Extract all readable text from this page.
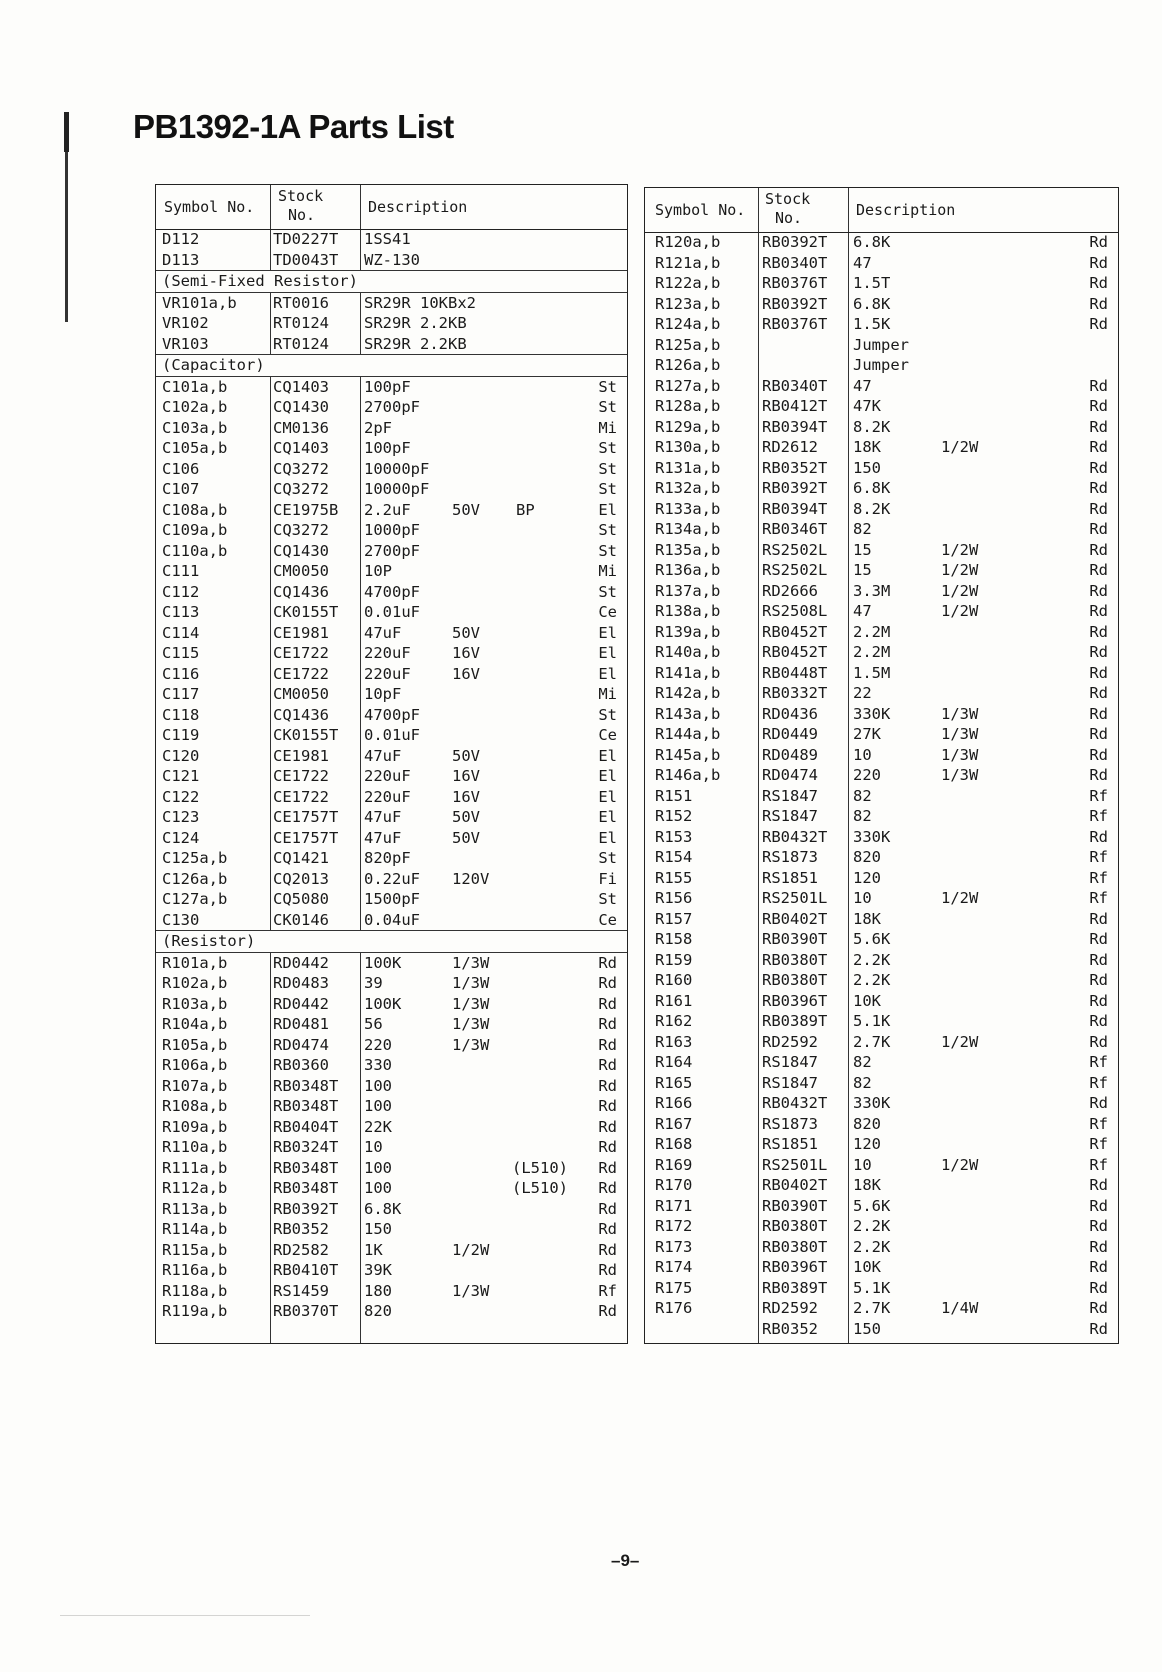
PB1392-1A Parts List
Symbol No.
Stock
No.	Description
D112	TD0227T 1SS41
D113	TD0043T WZ-130
(Semi-Fixed Resistor)
VR101a,b RT0016 SR29R 10KBx2
VR102	RT0124 SR29R 2.2KB
VR103	RT0124 SR29R 2.2KB
(Capacitor)
C101a,b	CQ1403 100pF	St
C102a,b	CQ1430 2700pF	St
C103a,b	CM0136 2pF	Mi
C105a,b	CQ1403 100pF	St
C106	CQ3272 10000pF	St
C107	CQ3272 10000pF	St
C108a,b	CE1975B 2.2uF	50V BP	El
C109a,b	CQ3272 1000pF	St
C110a,b	CQ1430 2700pF	St
C111	CM0050 10P	Mi
C112	CQ1436 4700pF	St
C113	CK0155T 0.01uF	Ce
C114	CE1981 47uF	50V	El
C115	CE1722 220uF	16V	El
C116	CE1722 220uF	16V	El
C117	CM0050 10pF	Mi
C118	CQ1436 4700pF	St
C119	CK0155T 0.01uF	Ce
C120	CE1981 47uF	50V	El
C121	CE1722 220uF	16V	El
C122	CE1722 220uF	16V	El
C123	CE1757T 47uF	50V	El
C124	CE1757T 47uF	50V	El
C125a,b	CQ1421 820pF	St
C126a,b	CQ2013 0.22uF 120V	Fi
C127a,b	CQ5080 1500pF	St
C130	CK0146 0.04uF	Ce
(Resistor)
R101a,b	RD0442 100K	1/3W	Rd
R102a,b	RD0483 39	1/3W	Rd
R103a,b	RD0442 100K	1/3W	Rd
R104a,b	RD0481 56	1/3W	Rd
R105a,b	RD0474 220	1/3W	Rd
R106a,b	RB0360 330	Rd
R107a,b	RB0348T 100	Rd
R108a,b	RB0348T 100	Rd
R109a,b	RB0404T 22K	Rd
R110a,b	RB0324T 10	Rd
R111a,b	RB0348T 100	(L510) Rd
R112a,b	RB0348T 100	(L510) Rd
R113a,b	RB0392T 6.8K	Rd
R114a,b	RB0352 150	Rd
R115a,b	RD2582 1K	1/2W	Rd
R116a,b	RB0410T 39K	Rd
R118a,b	RS1459 180	1/3W	Rf
R119a,b	RB0370T 820	Rd
Symbol No.
Stock
No.	Description
R120a,b	RB0392T 6.8K	Rd
R121a,b	RB0340T 47	Rd
R122a,b	RB0376T 1.5T	Rd
R123a,b	RB0392T 6.8K	Rd
R124a,b	RB0376T 1.5K	Rd
R125a,b	Jumper
R126a,b	Jumper
R127a,b	RB0340T 47	Rd
R128a,b	RB0412T 47K	Rd
R129a,b	RB0394T 8.2K	Rd
R130a,b	RD2612 18K	1/2W	Rd
R131a,b	RB0352T 150	Rd
R132a,b	RB0392T 6.8K	Rd
R133a,b	RB0394T 8.2K	Rd
R134a,b	RB0346T 82	Rd
R135a,b	RS2502L 15	1/2W	Rd
R136a,b	RS2502L 15	1/2W	Rd
R137a,b	RD2666 3.3M	1/2W	Rd
R138a,b	RS2508L 47	1/2W	Rd
R139a,b	RB0452T 2.2M	Rd
R140a,b	RB0452T 2.2M	Rd
R141a,b	RB0448T 1.5M	Rd
R142a,b	RB0332T 22	Rd
R143a,b	RD0436 330K	1/3W	Rd
R144a,b	RD0449 27K	1/3W	Rd
R145a,b	RD0489 10	1/3W	Rd
R146a,b	RD0474 220	1/3W	Rd
R151	RS1847 82	Rf
R152	RS1847 82	Rf
R153	RB0432T 330K	Rd
R154	RS1873 820	Rf
R155	RS1851 120	Rf
R156	RS2501L 10	1/2W	Rf
R157	RB0402T 18K	Rd
R158	RB0390T 5.6K	Rd
R159	RB0380T 2.2K	Rd
R160	RB0380T 2.2K	Rd
R161	RB0396T 10K	Rd
R162	RB0389T 5.1K	Rd
R163	RD2592 2.7K	1/2W	Rd
R164	RS1847 82	Rf
R165	RS1847 82	Rf
R166	RB0432T 330K	Rd
R167	RS1873 820	Rf
R168	RS1851 120	Rf
R169	RS2501L 10	1/2W	Rf
R170	RB0402T 18K	Rd
R171	RB0390T 5.6K	Rd
R172	RB0380T 2.2K	Rd
R173	RB0380T 2.2K	Rd
R174	RB0396T 10K	Rd
R175	RB0389T 5.1K	Rd
R176	RD2592 2.7K	1/4W	Rd
RB0352 150	Rd
–9–
